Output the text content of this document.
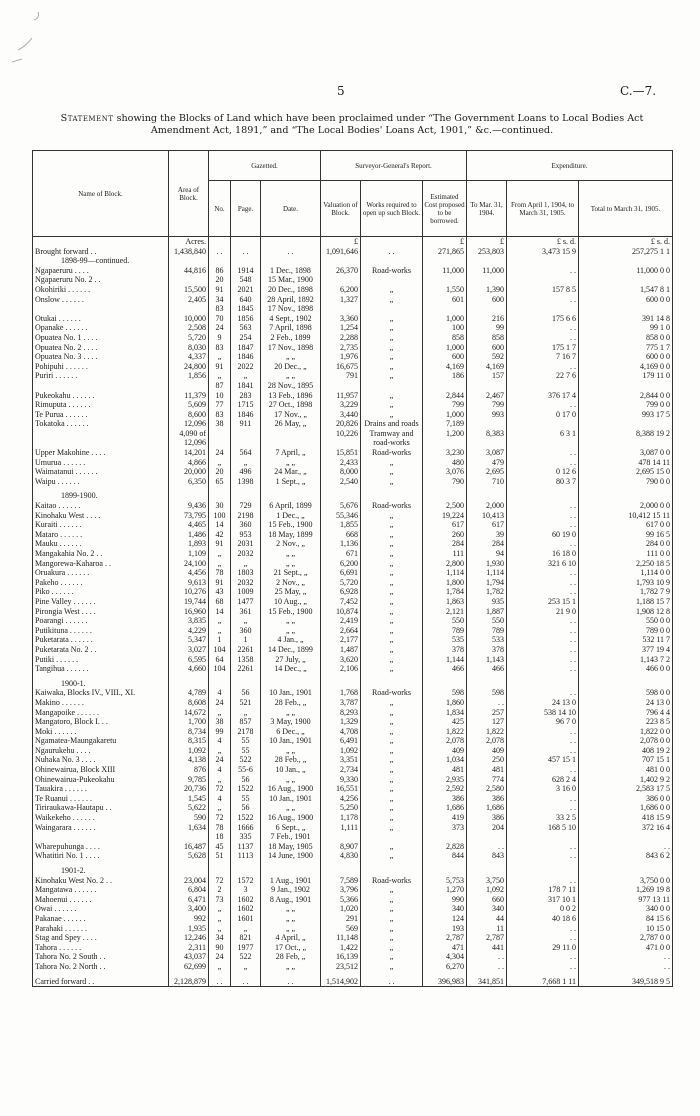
5	C.—7.
Statement showing the Blocks of Land which have been proclaimed under “The Government Loans to Local Bodies Act Amendment Act, 1891,” and “The Local Bodies' Loans Act, 1901,” &c.—continued.
Name of Block.	Area of Block.	Gazetted.			Surveyor-General's Report.			Expenditure.		
		No.	Page.	Date.	Valuation of Block.	Works required to open up such Block.	Estimated Cost proposed to be borrowed.	To Mar. 31, 1904.	From April 1, 1904, to March 31, 1905.	Total to March 31, 1905.
	Acres.				£		£	£	£ s. d.	£ s. d.
Brought forward . .	1,438,840	. .	. .	. .	1,091,646	. .	271,865	253,803	3,473 15 9	257,275 1 1
1898-99—continued.										
Ngapaeruru . . . .	44,816	86	1914	1 Dec., 1898	26,370	Road-works	11,000	11,000	. .	11,000 0 0
Ngapaeruru No. 2 . .		20	548	15 Mar., 1900						
Okohiriki . . . . . .	15,500	91	2021	20 Dec., 1898	6,200	„	1,550	1,390	157 8 5	1,547 8 1
Onslow . . . . . .	2,405	34	640	28 April, 1892	1,327	„	601	600	. .	600 0 0
		83	1845	17 Nov., 1898						
Otukai . . . . . .	10,000	70	1856	4 Sept., 1902	3,360	„	1,000	216	175 6 6	391 14 8
Opanake . . . . . .	2,508	24	563	7 April, 1898	1,254	„	100	99	. .	99 1 0
Opuatea No. 1 . . . .	5,720	9	254	2 Feb., 1899	2,288	„	858	858	. .	858 0 0
Opuatea No. 2 . . . .	8,030	83	1847	17 Nov., 1898	2,735	„	1,000	600	175 1 7	775 1 7
Opuatea No. 3 . . . .	4,337	„	1846	„ „	1,976	„	600	592	7 16 7	600 0 0
Pohipuhi . . . . . .	24,800	91	2022	20 Dec., „	16,675	„	4,169	4,169	. .	4,169 0 0
Puriri . . . . . .	1,856	„	„	„ „	791	„	186	157	22 7 6	179 11 0
		87	1841	28 Nov., 1895						
Pukeokahu . . . . . .	11,379	10	283	13 Feb., 1896	11,957	„	2,844	2,467	376 17 4	2,844 0 0
Rimuputa . . . . . .	5,609	77	1715	27 Oct., 1898	3,229	„	799	799	. .	799 0 0
Te Purua . . . . . .	8,600	83	1846	17 Nov., „	3,440	„	1,000	993	0 17 0	993 17 5
Tokatoka . . . . . .	12,096	38	911	26 May, „	20,826	Drains and roads	7,189			
	4,090 of				10,226	Tramway and	1,200	8,383	6 3 1	8,388 19 2
	12,096					road-works				
Upper Makohine . . . .	14,201	24	564	7 April, „	15,851	Road-works	3,230	3,087	. .	3,087 0 0
Umurua . . . . . .	4,866	„	„	„ „	2,433	„	480	479	. .	478 14 11
Waimatanui . . . . . .	20,000	20	496	24 Mar., „	8,000	„	3,076	2,695	0 12 6	2,695 15 0
Waipu . . . . . .	6,350	65	1398	1 Sept., „	2,540	„	790	710	80 3 7	790 0 0

1899-1900.										
Kaitao . . . . . .	9,436	30	729	6 April, 1899	5,676	Road-works	2,500	2,000	. .	2,000 0 0
Kinohaku West . . . .	73,795	100	2198	1 Dec., „	55,346	„	19,224	10,413	. .	10,412 15 11
Kuraiti . . . . . .	4,465	14	360	15 Feb., 1900	1,855	„	617	617	. .	617 0 0
Mataro . . . . . .	1,486	42	953	18 May, 1899	668	„	260	39	60 19 0	99 16 5
Mauku . . . . . .	1,893	91	2031	2 Nov., „	1,136	„	284	284	. .	284 0 0
Mangakahia No. 2 . .	1,109	„	2032	„ „	671	„	111	94	16 18 0	111 0 0
Mangorewa-Kaharoa . .	24,100	„	„	„ „	6,200	„	2,800	1,930	321 6 10	2,250 18 5
Oruakura . . . . . .	4,456	78	1803	21 Sept., „	6,691	„	1,114	1,114	. .	1,114 0 0
Pakeho . . . . . .	9,613	91	2032	2 Nov., „	5,720	„	1,800	1,794	. .	1,793 10 9
Piko . . . . . .	10,276	43	1009	25 May, „	6,928	„	1,784	1,782	. .	1,782 7 9
Pine Valley . . . . . .	19,744	68	1477	10 Aug., „	7,452	„	1,863	935	253 15 1	1,188 15 7
Pirongia West . . . .	16,960	14	361	15 Feb., 1900	10,874	„	2,121	1,887	21 9 0	1,908 12 8
Poarangi . . . . . .	3,835	„	„	„ „	2,419	„	550	550	. .	550 0 0
Putikituna . . . . . .	4,229	„	360	„ „	2,664	„	789	789	. .	789 0 0
Puketarata . . . . . .	5,347	1	1	4 Jan., „	2,177	„	535	533	. .	532 11 7
Puketarata No. 2 . .	3,027	104	2261	14 Dec., 1899	1,487	„	378	378	. .	377 19 4
Putiki . . . . . .	6,595	64	1358	27 July, „	3,620	„	1,144	1,143	. .	1,143 7 2
Tangihua . . . . . .	4,660	104	2261	14 Dec., „	2,106	„	466	466	. .	466 0 0

1900-1.										
Kaiwaka, Blocks IV., VIII., XI.	4,789	4	56	10 Jan., 1901	1,768	Road-works	598	598	. .	598 0 0
Makino . . . . . .	8,608	24	521	28 Feb., „	3,787	„	1,860	. .	24 13 0	24 13 0
Mangapoike . . . . . .	14,672	„	„	„ „	8,293	„	1,834	257	538 14 10	796 4 4
Mangatoro, Block I. . .	1,700	38	857	3 May, 1900	1,329	„	425	127	96 7 0	223 8 5
Moki . . . . . .	8,734	99	2178	6 Dec., „	4,708	„	1,822	1,822	. .	1,822 0 0
Ngamatea-Maungakaretu	8,315	4	55	10 Jan., 1901	6,491	„	2,078	2,078	. .	2,078 0 0
Ngaurukehu . . . .	1,092	„	55	„ „	1,092	„	409	409	. .	408 19 2
Nuhaka No. 3 . . . .	4,138	24	522	28 Feb., „	3,351	„	1,034	250	457 15 1	707 15 1
Ohinewairua, Block XIII	876	4	55-6	10 Jan., „	2,734	„	481	481	. .	481 0 0
Ohinewairua-Pukeokahu	9,785	„	56	„ „	9,330	„	2,935	774	628 2 4	1,402 9 2
Tauakira . . . . . .	20,736	72	1522	16 Aug., 1900	16,551	„	2,592	2,580	3 16 0	2,583 17 5
Te Ruanui . . . . . .	1,545	4	55	10 Jan., 1901	4,256	„	386	386	. .	386 0 0
Tiriraukawa-Hautapu . .	5,622	„	56	„ „	5,250	„	1,686	1,686	. .	1,686 0 0
Waikekeho . . . . . .	590	72	1522	16 Aug., 1900	1,178	„	419	386	33 2 5	418 15 9
Waingarara . . . . . .	1,634	78	1666	6 Sept., „	1,111	„	373	204	168 5 10	372 16 4
		18	335	7 Feb., 1901						
Wharepuhunga . . . .	16,487	45	1137	18 May, 1905	8,907	„	2,828	. .	. .	. .
Whatitiri No. 1 . . . .	5,628	51	1113	14 June, 1900	4,830	„	844	843	. .	843 6 2

1901-2.										
Kinohaku West No. 2 . .	23,004	72	1572	1 Aug., 1901	7,589	Road-works	5,753	3,750	. .	3,750 0 0
Mangatawa . . . . . .	6,804	2	3	9 Jan., 1902	3,796	„	1,270	1,092	178 7 11	1,269 19 8
Mahoenui . . . . . .	6,471	73	1602	8 Aug., 1901	5,366	„	990	660	317 10 1	977 13 11
Owai . . . . . .	3,400	„	1602	„ „	1,020	„	340	340	0 0 2	340 0 0
Pakanae . . . . . .	992	„	1601	„ „	291	„	124	44	40 18 6	84 15 6
Parahaki . . . . . .	1,935	„	„	„ „	569	„	193	11	. .	10 15 0
Stag and Spey . . . .	12,246	34	821	4 April, „	11,148	„	2,787	2,787	. .	2,787 0 0
Tahora . . . . . .	2,311	90	1977	17 Oct., „	1,422	„	471	441	29 11 0	471 0 0
Tahora No. 2 South . .	43,037	24	522	28 Feb, „	16,139	„	4,304	. .	. .	. .
Tahora No. 2 North . .	62,699	„	„	„ „	23,512	„	6,270	. .	. .	. .

Carried forward . .	2,128,879	. .	. .	. .	1,514,902	. .	396,983	341,851	7,668 1 11	349,518 9 5
